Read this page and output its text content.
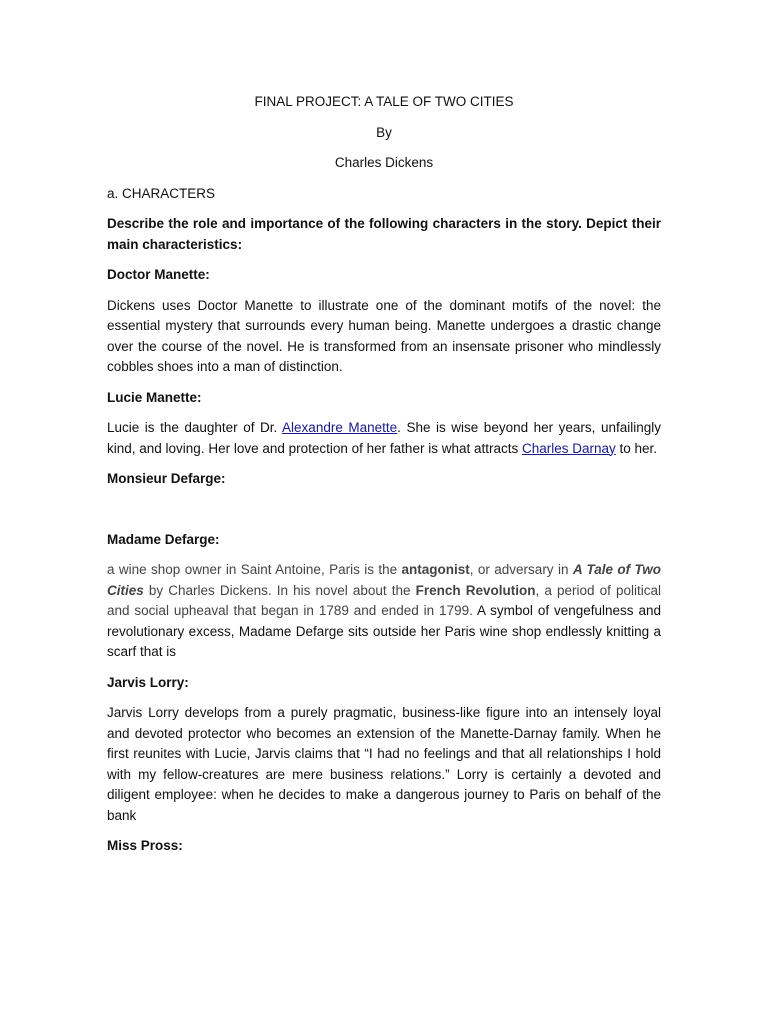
FINAL PROJECT: A TALE OF TWO CITIES

By

Charles Dickens

a. CHARACTERS

Describe the role and importance of the following characters in the story. Depict their main characteristics:

Doctor Manette:

Dickens uses Doctor Manette to illustrate one of the dominant motifs of the novel: the essential mystery that surrounds every human being. Manette undergoes a drastic change over the course of the novel. He is transformed from an insensate prisoner who mindlessly cobbles shoes into a man of distinction.

Lucie Manette:

Lucie is the daughter of Dr. Alexandre Manette. She is wise beyond her years, unfailingly kind, and loving. Her love and protection of her father is what attracts Charles Darnay to her.

Monsieur Defarge:

Madame Defarge:

a wine shop owner in Saint Antoine, Paris is the antagonist, or adversary in A Tale of Two Cities by Charles Dickens. In his novel about the French Revolution, a period of political and social upheaval that began in 1789 and ended in 1799. A symbol of vengefulness and revolutionary excess, Madame Defarge sits outside her Paris wine shop endlessly knitting a scarf that is

Jarvis Lorry:

Jarvis Lorry develops from a purely pragmatic, business-like figure into an intensely loyal and devoted protector who becomes an extension of the Manette-Darnay family. When he first reunites with Lucie, Jarvis claims that “I had no feelings and that all relationships I hold with my fellow-creatures are mere business relations.” Lorry is certainly a devoted and diligent employee: when he decides to make a dangerous journey to Paris on behalf of the bank

Miss Pross:
